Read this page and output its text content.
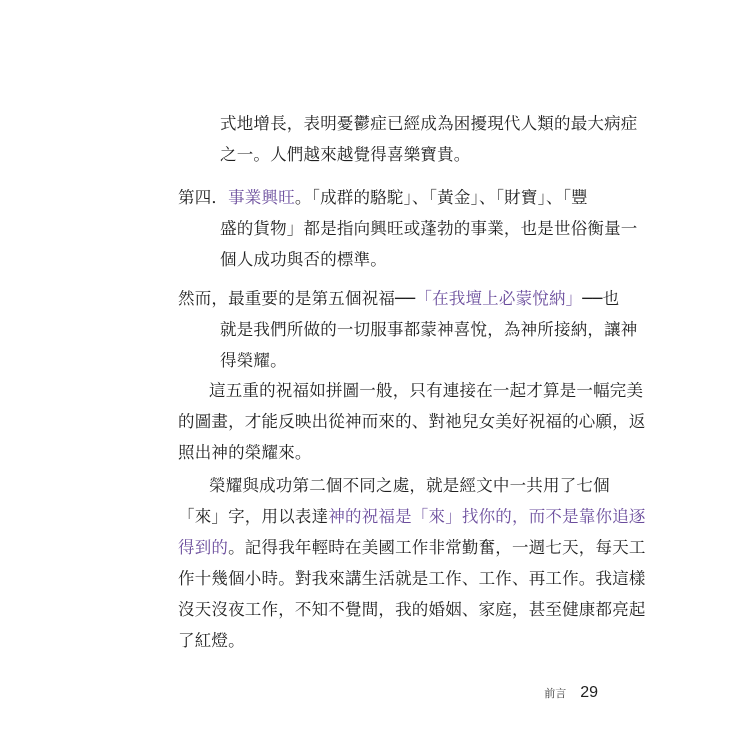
式地增長，表明憂鬱症已經成為困擾現代人類的最大病症
之一。人們越來越覺得喜樂寶貴。
第四．事業興旺。「成群的駱駝」、「黃金」、「財寶」、「豐
盛的貨物」都是指向興旺或蓬勃的事業，也是世俗衡量一
個人成功與否的標準。
然而，最重要的是第五個祝福──「在我壇上必蒙悅納」──也
就是我們所做的一切服事都蒙神喜悅，為神所接納，讓神
得榮耀。
這五重的祝福如拼圖一般，只有連接在一起才算是一幅完美
的圖畫，才能反映出從神而來的、對祂兒女美好祝福的心願，返
照出神的榮耀來。
榮耀與成功第二個不同之處，就是經文中一共用了七個
「來」字，用以表達神的祝福是「來」找你的，而不是靠你追逐
得到的。記得我年輕時在美國工作非常勤奮，一週七天，每天工
作十幾個小時。對我來講生活就是工作、工作、再工作。我這樣
沒天沒夜工作，不知不覺間，我的婚姻、家庭，甚至健康都亮起
了紅燈。
前言 29
